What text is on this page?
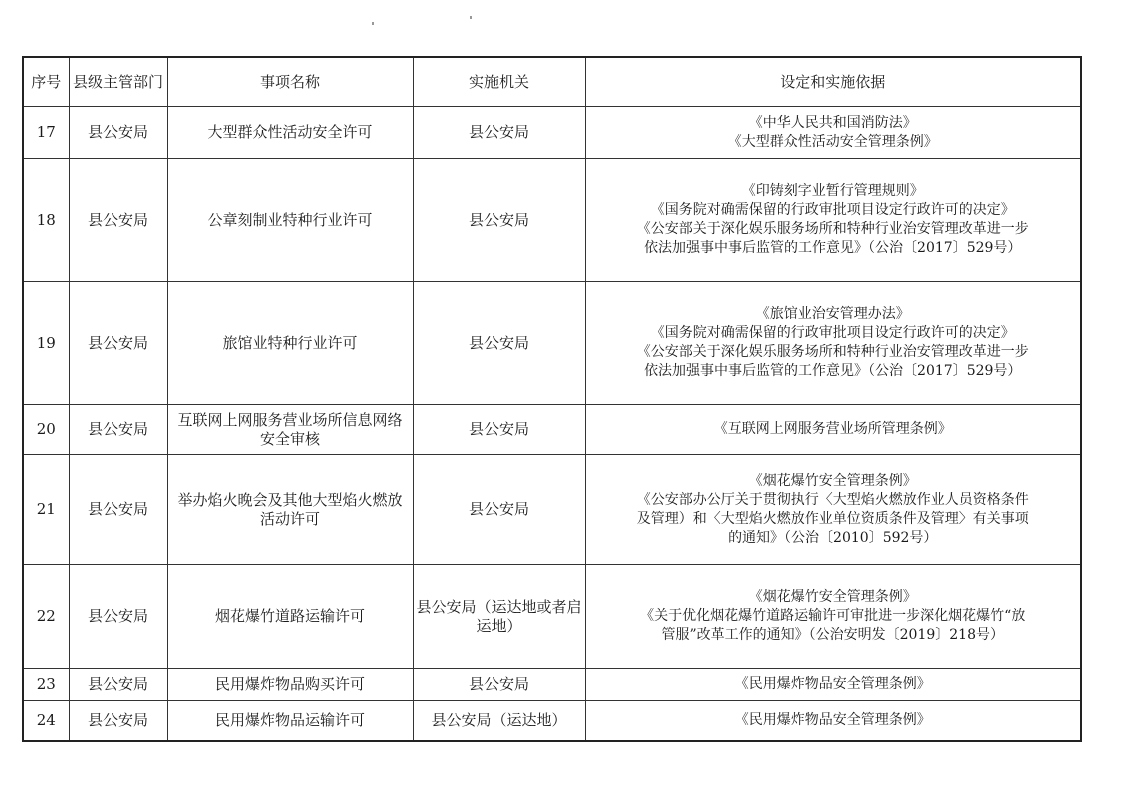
序号	县级主管部门	事项名称	实施机关	设定和实施依据
17	县公安局	大型群众性活动安全许可	县公安局	《中华人民共和国消防法》
《大型群众性活动安全管理条例》

18	县公安局	公章刻制业特种行业许可	县公安局	《印铸刻字业暂行管理规则》
《国务院对确需保留的行政审批项目设定行政许可的决定》
《公安部关于深化娱乐服务场所和特种行业治安管理改革进一步
依法加强事中事后监管的工作意见》（公治〔2017〕529号）

19	县公安局	旅馆业特种行业许可	县公安局	《旅馆业治安管理办法》
《国务院对确需保留的行政审批项目设定行政许可的决定》
《公安部关于深化娱乐服务场所和特种行业治安管理改革进一步
依法加强事中事后监管的工作意见》（公治〔2017〕529号）

20	县公安局	互联网上网服务营业场所信息网络安全审核	县公安局	《互联网上网服务营业场所管理条例》

21	县公安局	举办焰火晚会及其他大型焰火燃放活动许可	县公安局	《烟花爆竹安全管理条例》
《公安部办公厅关于贯彻执行〈大型焰火燃放作业人员资格条件
及管理）和〈大型焰火燃放作业单位资质条件及管理〉有关事项
的通知》（公治〔2010〕592号）

22	县公安局	烟花爆竹道路运输许可	县公安局（运达地或者启运地）	《烟花爆竹安全管理条例》
《关于优化烟花爆竹道路运输许可审批进一步深化烟花爆竹“放
管服”改革工作的通知》（公治安明发〔2019〕218号）

23	县公安局	民用爆炸物品购买许可	县公安局	《民用爆炸物品安全管理条例》

24	县公安局	民用爆炸物品运输许可	县公安局（运达地）	《民用爆炸物品安全管理条例》
